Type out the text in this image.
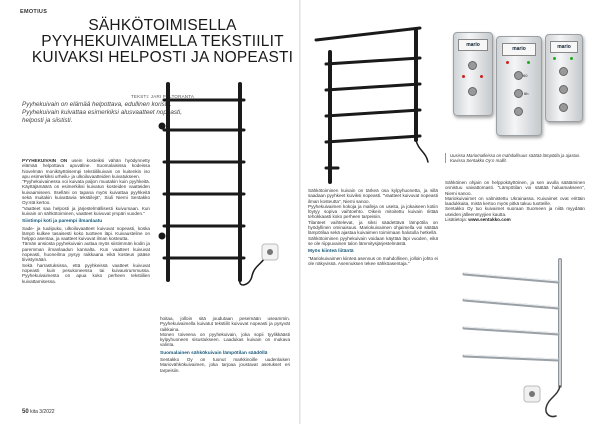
EMOTIUS
SÄHKÖTOIMISELLA PYYHEKUIVAIMELLA TEKSTIILIT KUIVAKSI HELPOSTI JA NOPEASTI
TEKSTI: JARI PELTORANTA
Pyyhekuivain on elämää helpottava, edullinen koriste. Pyyhekuivain kuivattaa esimerkiksi alusvaatteet nopeasti, helposti ja siististi.
PYYHEKUIVAIN ON usein kosteiksi vähän hyödynnetty elämää helpottava apuväline. Suomalaisissa kodeissa hiovelmän monikäyttöisempi tekstiilikuivain on kuitenkin iso apu esimerkiksi urheilu- ja ulkoiluvaatteiden kuivatukseen.
"Pyyhekuivainessa voi kuivata paljon muutakin kuin pyyhkeitä. Käyttäjämäärä on esimerkiksi kuivatun kosteiden vaatteiden kuivaamiseen. Itselläni on tapana myös kuivattaa pyyhkeitä sekä muitakin kuivattavia tekstiilejä", Siuli Niemi Sentakko Oy:stä kertoo.
"Vaatteet saa helposti ja järjestelmällisesti kuivumaan. Kun kuivain on sähkötoiminen, vaatteet kuivuvat ympäri vuoden."
Siistimpi koti ja parempi ilmanlaatu
Sade- ja tuulipuku, ulkoiluvaatteet kuivuvat nopeasti, koska lämpö kulkee tasaisesti koko tuotteen läpi. Kuivausteline on helppo asentaa, ja vaatteet kuivuvat ilman kosteutta.
Tämän ansiosta pyyhekuivain auttaa myös siistimmän kodin ja paremman ilmanlaadun kannalta. Kun vaatteet kuivuvat nopeasti, huoneilma pysyy raikkaana eikä kosteus pääse tiivistymään.
Sekä harrastuksissa, että pyyhkeissä vaatteet kuivuvat nopeasti kuin pesukoneessa tai kuivausrummussa. Pyyhekuivaimesta on apua koko perheen tekstiilien kuivattamisessa.
hoitaa, jolloin sitä joudutaan pesemään useammin. Pyyhekuivaimella kuivatut tekstiilit kuivuvat nopeasti ja pysyvät raikkaina.
Monen toiveena on pyyhekuivain, joka sopii tyylikkäästi kylpyhuoneen sisustukseen. Laadukas kuivain on mukava valinta.
Suomalainen sähkökuivain lämpötilan säädöllä
Sentakko Oy on tuonut markkinoille uudenlaisen Mariovähkökuivaimen, joka tarjoaa joustavat asetukset eri tarpeisiin.
50 kita 3/2022
mario
mario
60
6h
mario
Uusissa Mariomalleissa on mahdollisuus säätää lämpötila ja ajastus. Kuvissa Sentakko Oy:n mallit.
Sähkötoiminen kuivain on tärkeä osa kylpyhuonetta, ja sillä saadaan pyyhkeet kuiviksi nopeasti. "Vaatteet kuivuvat nopeasti ilman kosteutta", Niemi sanoo.
Pyyhekuivaimen kokoja ja malleja on useita, ja jokaiseen kotiin löytyy sopiva vaihtoehto. Oikein mitoitettu kuivain riittää tehokkaasti koko perheen tarpeisiin.
Tilanteet vaihtelevat, ja siksi säädettävä lämpötila on hyödyllinen ominaisuus. Mariokuivaimen ohjaimella voi säätää lämpötilaa sekä ajastaa kuivaimen toimimaan halutulla hetkellä.
Sähkötoiminen pyyhekuivain voidaan käyttää läpi vuoden, eikä se ole riippuvainen talon lämmitysjärjestelmästä.
Myös kiinteä liitäntä
"Mariokuivaimen kiinteä asennus on mahdollinen, jolloin johto ei ole näkyvissä. Asennuksen tekee sähköasentaja."
Sähköinen ohjain on helppokäyttöinen, ja sen avulla säätäminen onnistuu vaivattomasti. "Lämpötilan voi säätää haluamakseen", Niemi sanoo.
Mariokuivaimet on valmistettu Ukrainassa. Kuivaimet ovat erittäin laadukkaita, mistä kertoo myös pitkä takuu tuotteille.
Sentakko Oy tuo kuivaimet suoraan Suomeen ja niitä myydään useiden jälleenmyyjien kautta.
Lisätietoja: www.sentakko.com
